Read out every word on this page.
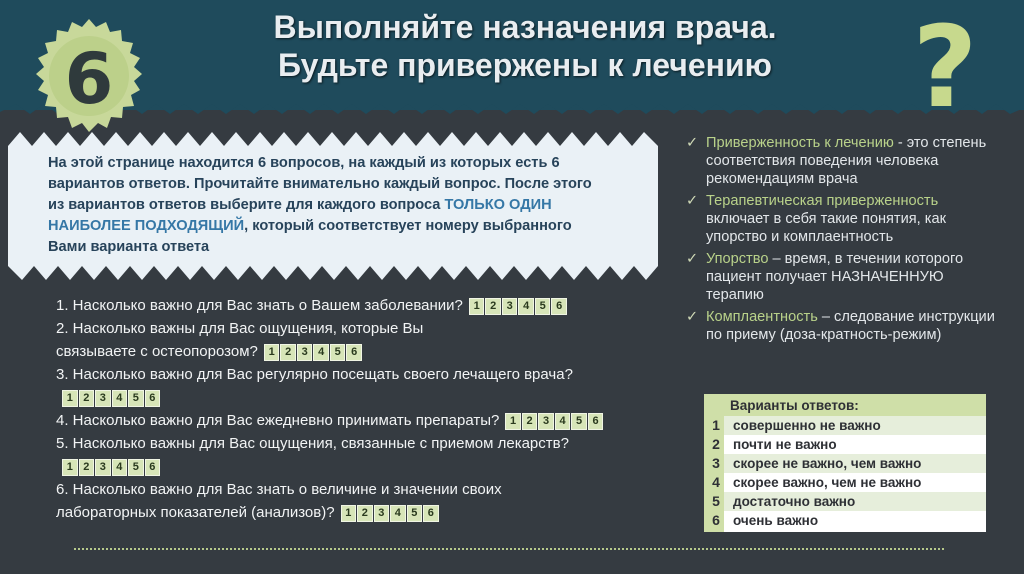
Выполняйте назначения врача.
Будьте привержены к лечению
6	?
На этой странице находится 6 вопросов, на каждый из которых есть 6 вариантов ответов. Прочитайте внимательно каждый вопрос. После этого из вариантов ответов выберите для каждого вопроса ТОЛЬКО ОДИН НАИБОЛЕЕ ПОДХОДЯЩИЙ, который соответствует номеру выбранного Вами варианта ответа

1. Насколько важно для Вас знать о Вашем заболевании? 1 2 3 4 5 6

2. Насколько важны для Вас ощущения, которые Вы связываете с остеопорозом? 1 2 3 4 5 6

3. Насколько важно для Вас регулярно посещать своего лечащего врача?
1 2 3 4 5 6

4. Насколько важно для Вас ежедневно принимать препараты? 1 2 3 4 5 6

5. Насколько важны для Вас ощущения, связанные с приемом лекарств?
1 2 3 4 5 6

6. Насколько важно для Вас знать о величине и значении своих лабораторных показателей (анализов)? 1 2 3 4 5 6

✓ Приверженность к лечению - это степень соответствия поведения человека рекомендациям врача
✓ Терапевтическая приверженность включает в себя такие понятия, как упорство и комплаентность
✓ Упорство – время, в течении которого пациент получает НАЗНАЧЕННУЮ терапию
✓ Комплаентность – следование инструкции по приему (доза-кратность-режим)
Варианты ответов:
1 совершенно не важно
2 почти не важно
3 скорее не важно, чем важно
4 скорее важно, чем не важно
5 достаточно важно
6 очень важно
